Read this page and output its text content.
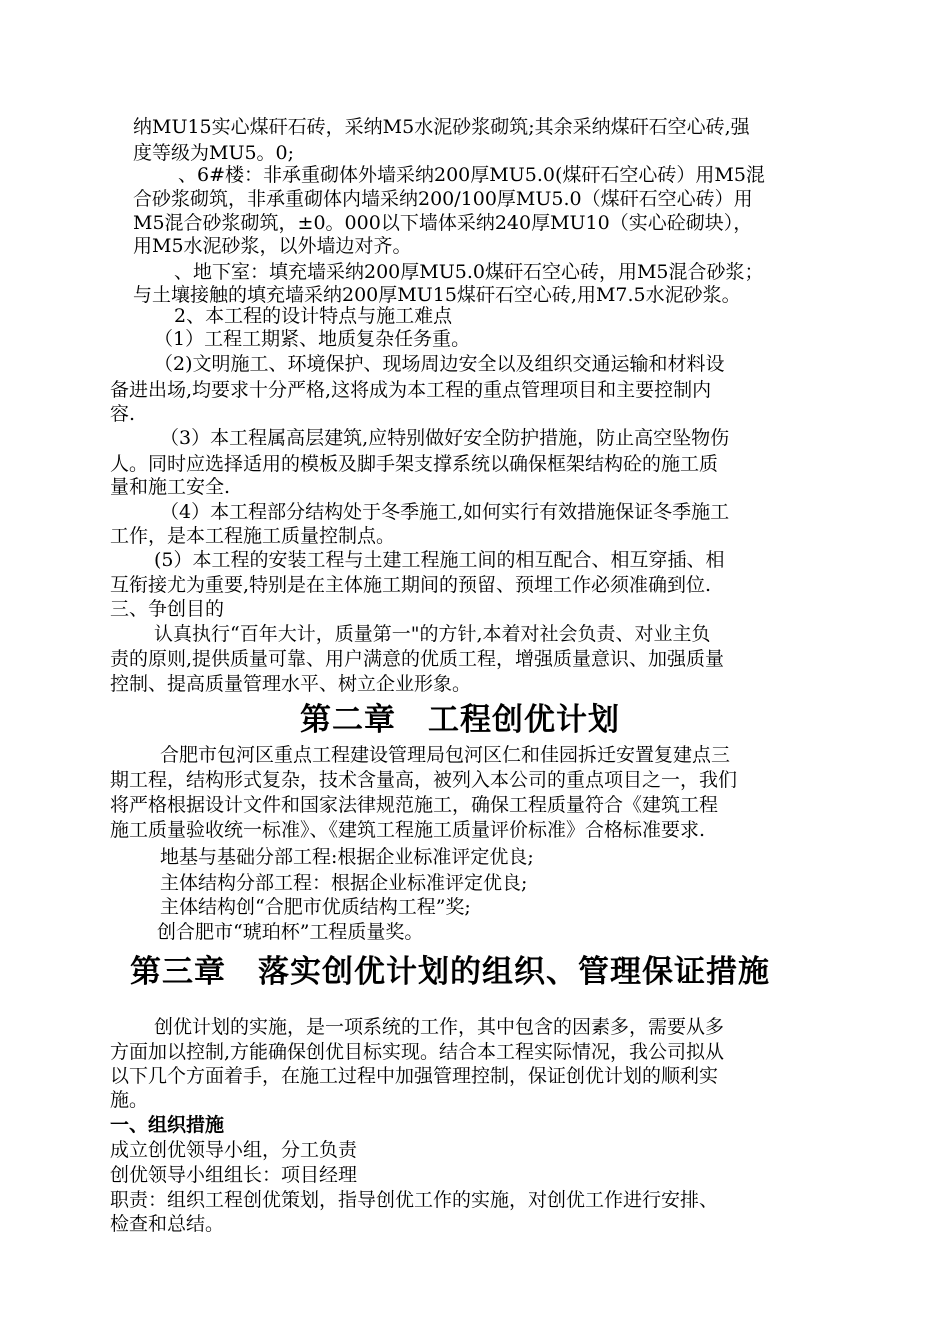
纳MU15实心煤矸石砖，采纳M5水泥砂浆砌筑;其余采纳煤矸石空心砖,强
度等级为MU5。0;
、6#楼：非承重砌体外墙采纳200厚MU5.0(煤矸石空心砖）用M5混
合砂浆砌筑，非承重砌体内墙采纳200/100厚MU5.0（煤矸石空心砖）用
M5混合砂浆砌筑，±0。000以下墙体采纳240厚MU10（实心砼砌块），
用M5水泥砂浆，以外墙边对齐。
、地下室：填充墙采纳200厚MU5.0煤矸石空心砖，用M5混合砂浆；
与土壤接触的填充墙采纳200厚MU15煤矸石空心砖,用M7.5水泥砂浆。
2、本工程的设计特点与施工难点
（1）工程工期紧、地质复杂任务重。
（2)文明施工、环境保护、现场周边安全以及组织交通运输和材料设
备进出场,均要求十分严格,这将成为本工程的重点管理项目和主要控制内
容.
（3）本工程属高层建筑,应特别做好安全防护措施，防止高空坠物伤
人。同时应选择适用的模板及脚手架支撑系统以确保框架结构砼的施工质
量和施工安全.
（4）本工程部分结构处于冬季施工,如何实行有效措施保证冬季施工
工作，是本工程施工质量控制点。
(5）本工程的安装工程与土建工程施工间的相互配合、相互穿插、相
互衔接尤为重要,特别是在主体施工期间的预留、预埋工作必须准确到位.
三、争创目的
认真执行“百年大计，质量第一"的方针,本着对社会负责、对业主负
责的原则,提供质量可靠、用户满意的优质工程，增强质量意识、加强质量
控制、提高质量管理水平、树立企业形象。
第二章　工程创优计划
合肥市包河区重点工程建设管理局包河区仁和佳园拆迁安置复建点三
期工程，结构形式复杂，技术含量高，被列入本公司的重点项目之一，我们
将严格根据设计文件和国家法律规范施工，确保工程质量符合《建筑工程
施工质量验收统一标准》、《建筑工程施工质量评价标准》合格标准要求.
地基与基础分部工程:根据企业标准评定优良;
主体结构分部工程：根据企业标准评定优良;
主体结构创“合肥市优质结构工程”奖;
创合肥市“琥珀杯”工程质量奖。
第三章　落实创优计划的组织、管理保证措施
创优计划的实施，是一项系统的工作，其中包含的因素多，需要从多
方面加以控制,方能确保创优目标实现。结合本工程实际情况，我公司拟从
以下几个方面着手，在施工过程中加强管理控制，保证创优计划的顺利实
施。
一、组织措施
成立创优领导小组，分工负责
创优领导小组组长：项目经理
职责：组织工程创优策划，指导创优工作的实施，对创优工作进行安排、
检查和总结。
